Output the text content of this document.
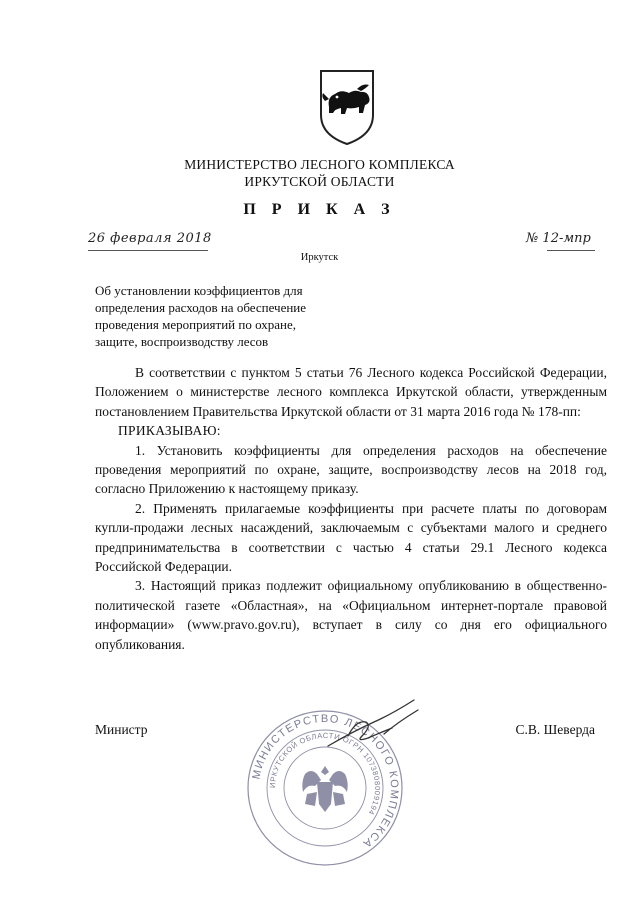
МИНИСТЕРСТВО ЛЕСНОГО КОМПЛЕКСА
ИРКУТСКОЙ ОБЛАСТИ
П Р И К А З
26 февраля 2018
Иркутск
№ 12-мпр
Об установлении коэффициентов для
определения расходов на обеспечение
проведения мероприятий по охране,
защите, воспроизводству лесов

В соответствии с пунктом 5 статьи 76 Лесного кодекса Российской Федерации, Положением о министерстве лесного комплекса Иркутской области, утвержденным постановлением Правительства Иркутской области от 31 марта 2016 года № 178-пп:

ПРИКАЗЫВАЮ:

1. Установить коэффициенты для определения расходов на обеспечение проведения мероприятий по охране, защите, воспроизводству лесов на 2018 год, согласно Приложению к настоящему приказу.

2. Применять прилагаемые коэффициенты при расчете платы по договорам купли-продажи лесных насаждений, заключаемым с субъектами малого и среднего предпринимательства в соответствии с частью 4 статьи 29.1 Лесного кодекса Российской Федерации.

3. Настоящий приказ подлежит официальному опубликованию в общественно-политической газете «Областная», на «Официальном интернет-портале правовой информации» (www.pravo.gov.ru), вступает в силу со дня его официального опубликования.

МИНИСТЕРСТВО ЛЕСНОГО КОМПЛЕКСА
ИРКУТСКОЙ ОБЛАСТИ ОГРН 1073808009194
Министр	С.В. Шеверда
